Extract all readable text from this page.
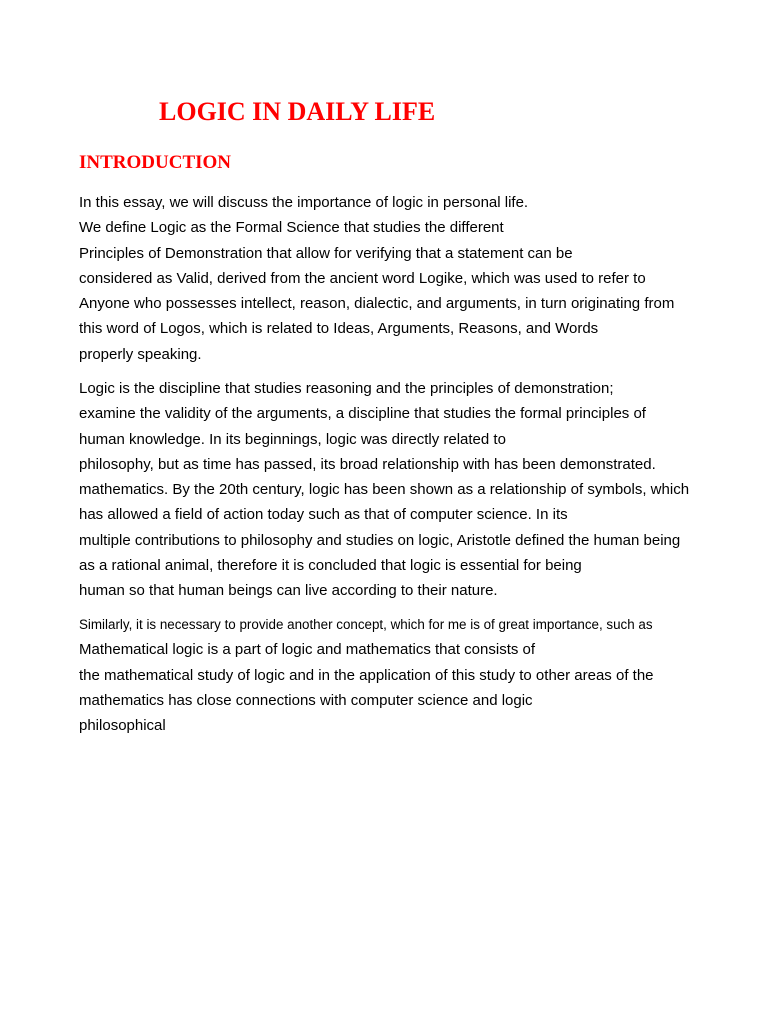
LOGIC IN DAILY LIFE
INTRODUCTION
In this essay, we will discuss the importance of logic in personal life.
We define Logic as the Formal Science that studies the different
Principles of Demonstration that allow for verifying that a statement can be
considered as Valid, derived from the ancient word Logike, which was used to refer to
Anyone who possesses intellect, reason, dialectic, and arguments, in turn originating from
this word of Logos, which is related to Ideas, Arguments, Reasons, and Words
properly speaking.
Logic is the discipline that studies reasoning and the principles of demonstration;
examine the validity of the arguments, a discipline that studies the formal principles of
human knowledge. In its beginnings, logic was directly related to
philosophy, but as time has passed, its broad relationship with has been demonstrated.
mathematics. By the 20th century, logic has been shown as a relationship of symbols, which
has allowed a field of action today such as that of computer science. In its
multiple contributions to philosophy and studies on logic, Aristotle defined the human being
as a rational animal, therefore it is concluded that logic is essential for being
human so that human beings can live according to their nature.
Similarly, it is necessary to provide another concept, which for me is of great importance, such as
Mathematical logic is a part of logic and mathematics that consists of
the mathematical study of logic and in the application of this study to other areas of the
mathematics has close connections with computer science and logic
philosophical
